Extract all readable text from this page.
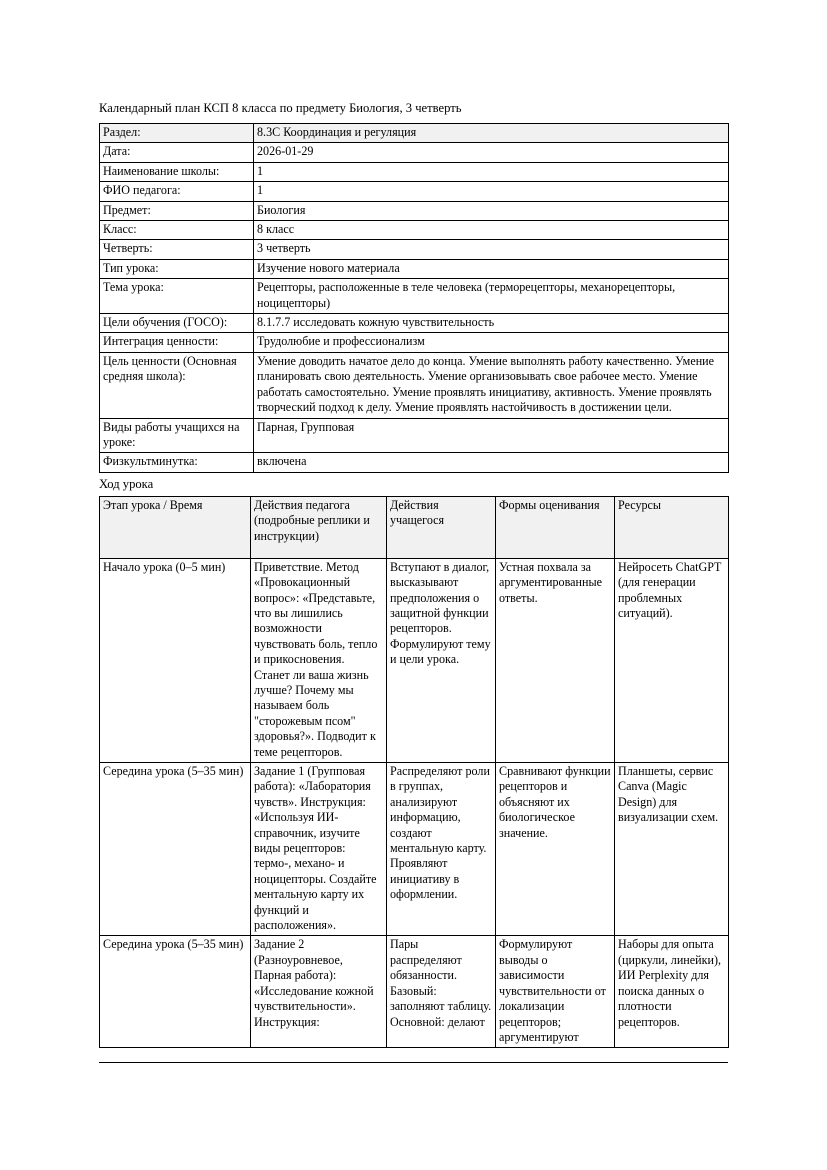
Календарный план КСП 8 класса по предмету Биология, 3 четверть
Раздел:	8.3C Координация и регуляция
Дата:	2026-01-29
Наименование школы:	1
ФИО педагога:	1
Предмет:	Биология
Класс:	8 класс
Четверть:	3 четверть
Тип урока:	Изучение нового материала
Тема урока:	Рецепторы, расположенные в теле человека (терморецепторы, механорецепторы, ноцицепторы)
Цели обучения (ГОСО):	8.1.7.7 исследовать кожную чувствительность
Интеграция ценности:	Трудолюбие и профессионализм
Цель ценности (Основная средняя школа):	Умение доводить начатое дело до конца. Умение выполнять работу качественно. Умение планировать свою деятельность. Умение организовывать свое рабочее место. Умение работать самостоятельно. Умение проявлять инициативу, активность. Умение проявлять творческий подход к делу. Умение проявлять настойчивость в достижении цели.
Виды работы учащихся на уроке:	Парная, Групповая
Физкультминутка:	включена
Ход урока
Этап урока / Время	Действия педагога (подробные реплики и инструкции)	Действия учащегося	Формы оценивания	Ресурсы
Начало урока (0–5 мин)	Приветствие. Метод «Провокационный вопрос»: «Представьте, что вы лишились возможности чувствовать боль, тепло и прикосновения. Станет ли ваша жизнь лучше? Почему мы называем боль "сторожевым псом" здоровья?». Подводит к теме рецепторов.	Вступают в диалог, высказывают предположения о защитной функции рецепторов. Формулируют тему и цели урока.	Устная похвала за аргументированные ответы.	Нейросеть ChatGPT (для генерации проблемных ситуаций).
Середина урока (5–35 мин)	Задание 1 (Групповая работа): «Лаборатория чувств». Инструкция: «Используя ИИ-справочник, изучите виды рецепторов: термо-, механо- и ноцицепторы. Создайте ментальную карту их функций и расположения».	Распределяют роли в группах, анализируют информацию, создают ментальную карту. Проявляют инициативу в оформлении.	Сравнивают функции рецепторов и объясняют их биологическое значение.	Планшеты, сервис Canva (Magic Design) для визуализации схем.
Середина урока (5–35 мин)	Задание 2 (Разноуровневое, Парная работа): «Исследование кожной чувствительности». Инструкция:	Пары распределяют обязанности. Базовый: заполняют таблицу. Основной: делают	Формулируют выводы о зависимости чувствительности от локализации рецепторов; аргументируют	Наборы для опыта (циркули, линейки), ИИ Perplexity для поиска данных о плотности рецепторов.
